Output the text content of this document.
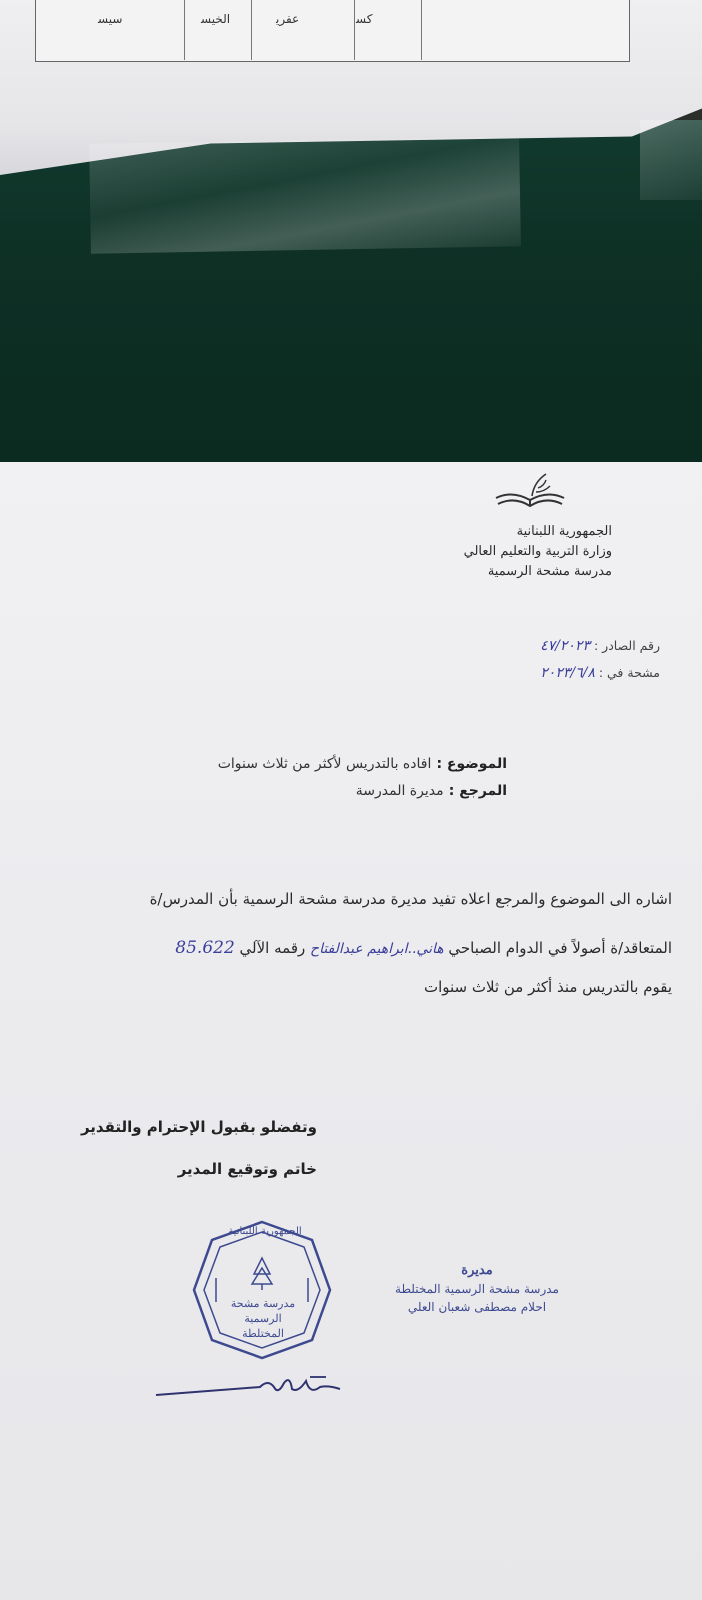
ﺳﻴﺴ	ﺍﻟﺨﻴﺴ	ﻋﻔﺮﻳ	ﻛﺴ
الجمهورية اللبنانية
وزارة التربية والتعليم العالي
مدرسة مشحة الرسمية
رقم الصادر : ٤٧/٢٠٢٣
مشحة في : ٢٠٢٣/٦/٨
الموضوع : افاده بالتدريس لأكثر من ثلاث سنوات
المرجع : مديرة المدرسة
اشاره الى الموضوع والمرجع اعلاه تفيد مديرة مدرسة مشحة الرسمية بأن المدرس/ة
المتعاقد/ة أصولاً في الدوام الصباحي هاني..ابراهيم عبدالفتاح رقمه الآلي 85.622
يقوم بالتدريس منذ أكثر من ثلاث سنوات
وتفضلو بقبول الإحترام والتقدير
خاتم وتوقيع المدير
مدرسة مشحة
الرسمية المختلطة
الجمهورية اللبنانية
مديرة
مدرسة مشحة الرسمية المختلطة
احلام مصطفى شعبان العلي
